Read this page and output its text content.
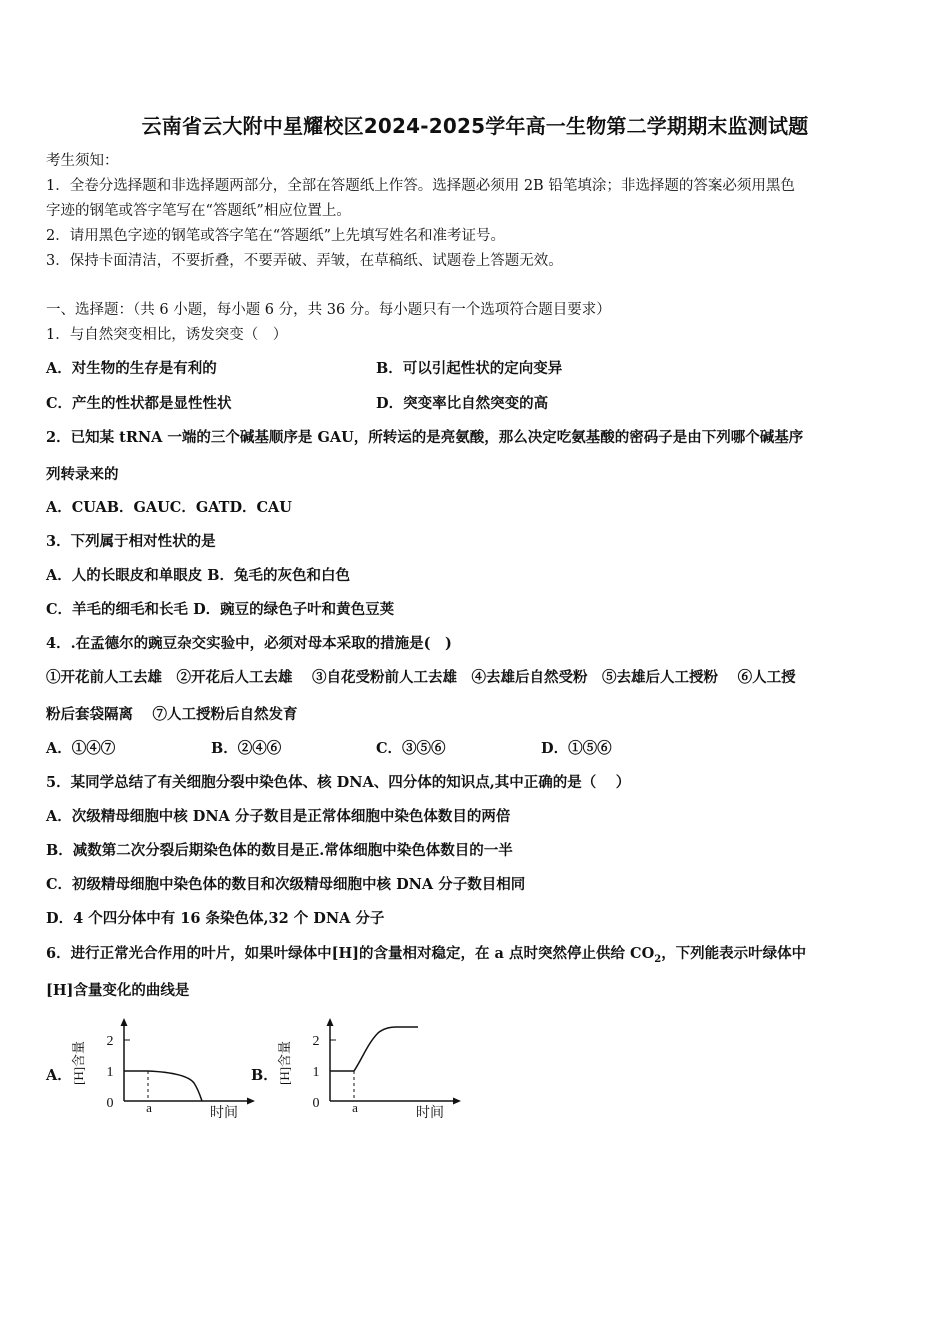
云南省云大附中星耀校区2024-2025学年高一生物第二学期期末监测试题
考生须知：
1．全卷分选择题和非选择题两部分，全部在答题纸上作答。选择题必须用 2B 铅笔填涂；非选择题的答案必须用黑色
字迹的钢笔或答字笔写在“答题纸”相应位置上。
2．请用黑色字迹的钢笔或答字笔在“答题纸”上先填写姓名和准考证号。
3．保持卡面清洁，不要折叠，不要弄破、弄皱，在草稿纸、试题卷上答题无效。
一、选择题：（共 6 小题，每小题 6 分，共 36 分。每小题只有一个选项符合题目要求）
1．与自然突变相比，诱发突变（　）
A．对生物的生存是有利的	B．可以引起性状的定向变异
C．产生的性状都是显性性状	D．突变率比自然突变的高
2．已知某 tRNA 一端的三个碱基顺序是 GAU，所转运的是亮氨酸，那么决定吃氨基酸的密码子是由下列哪个碱基序
列转录来的
A．CUAB．GAUC．GATD．CAU
3．下列属于相对性状的是
A．人的长眼皮和单眼皮 B．兔毛的灰色和白色
C．羊毛的细毛和长毛 D．豌豆的绿色子叶和黄色豆荚
4．.在孟德尔的豌豆杂交实验中，必须对母本采取的措施是(　)
①开花前人工去雄　②开花后人工去雄　 ③自花受粉前人工去雄　④去雄后自然受粉　⑤去雄后人工授粉　 ⑥人工授
粉后套袋隔离　 ⑦人工授粉后自然发育
A．①④⑦	B．②④⑥	C．③⑤⑥	D．①⑤⑥
5．某同学总结了有关细胞分裂中染色体、核 DNA、四分体的知识点,其中正确的是（　 ）
A．次级精母细胞中核 DNA 分子数目是正常体细胞中染色体数目的两倍
B．减数第二次分裂后期染色体的数目是正.常体细胞中染色体数目的一半
C．初级精母细胞中染色体的数目和次级精母细胞中核 DNA 分子数目相同
D．4 个四分体中有 16 条染色体,32 个 DNA 分子
6．进行正常光合作用的叶片，如果叶绿体中[H]的含量相对稳定，在 a 点时突然停止供给 $CO_2$，下列能表示叶绿体中
[H]含量变化的曲线是
A． [H]含量 2
1
0	a	时间
B． [H]含量 2
1
0	a	时间
